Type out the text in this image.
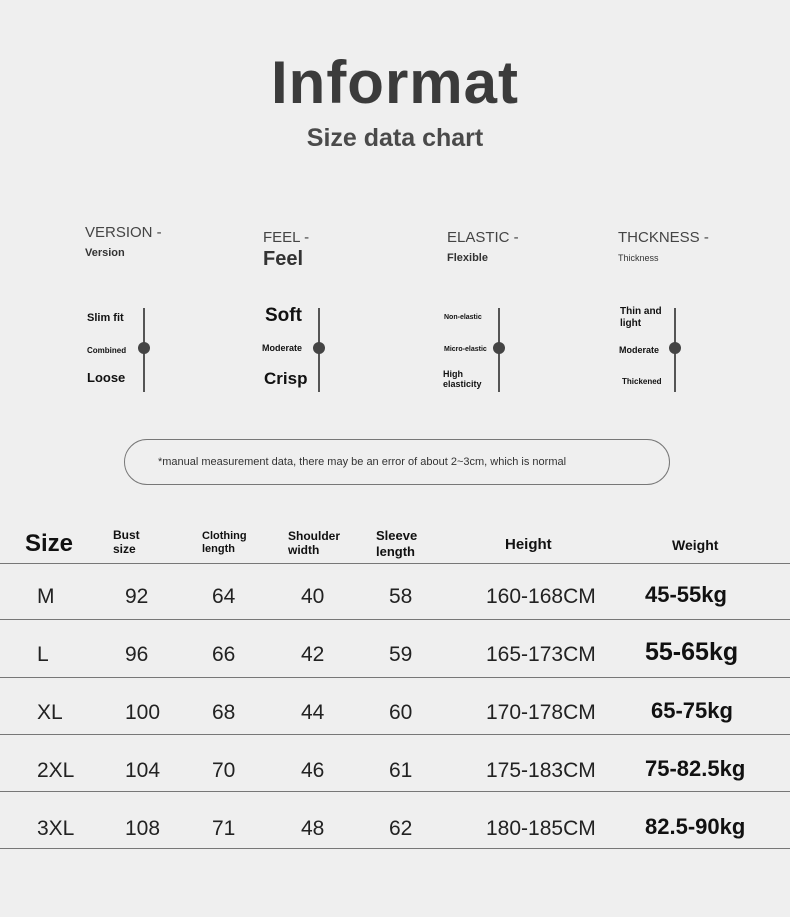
Informat
Size data chart
VERSION -
Version
Slim fit
Combined
Loose
FEEL -
Feel
Soft
Moderate
Crisp
ELASTIC -
Flexible
Non-elastic
Micro-elastic
High
elasticity
THCKNESS -
Thickness
Thin and
light
Moderate
Thickened
*manual measurement data, there may be an error of about 2~3cm, which is normal
Size	Bust
size
Clothing
length
Shoulder
width
Sleeve
length	Height	Weight
M	92	64	40	58	160-168CM 45-55kg
L	96	66	42	59	165-173CM 55-65kg
XL	100 68	44	60	170-178CM	65-75kg
2XL 104 70	46	61	175-183CM 75-82.5kg
3XL 108 71	48	62	180-185CM 82.5-90kg
